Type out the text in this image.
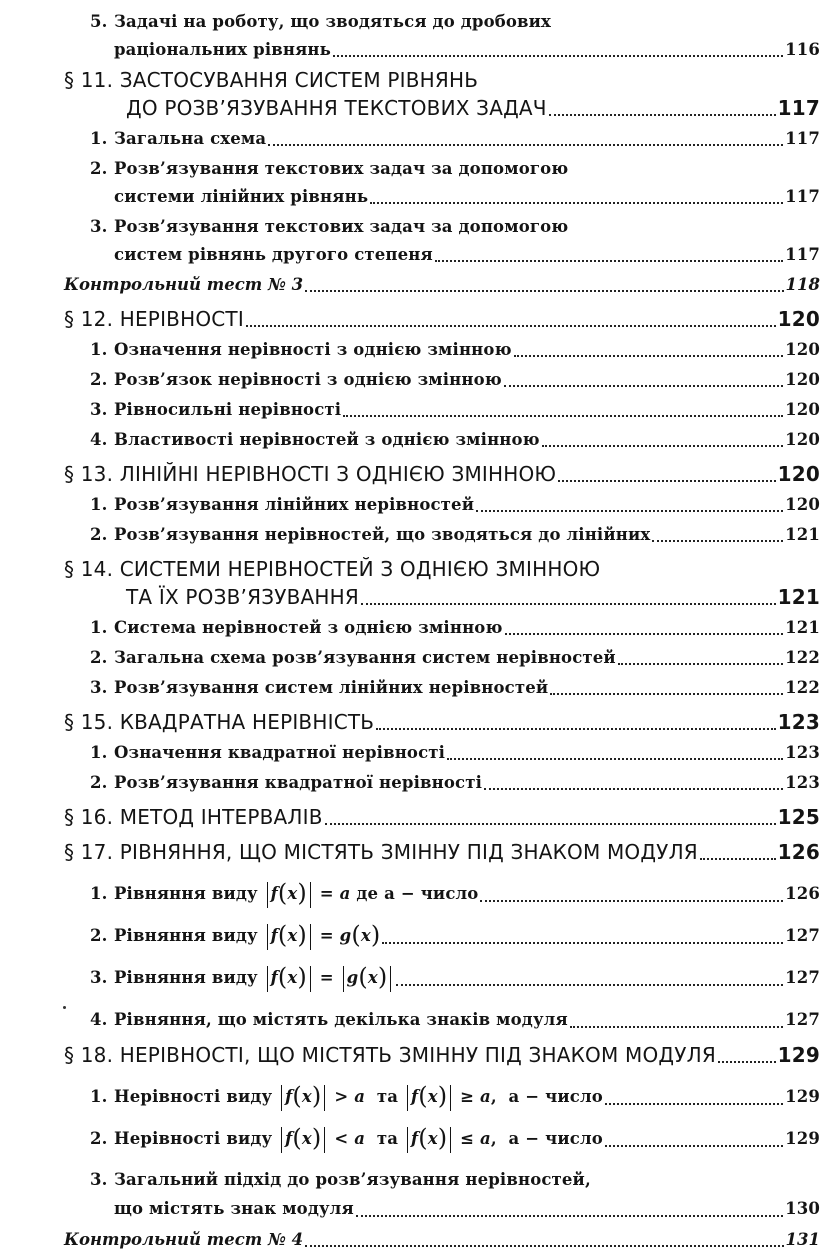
5. Задачі на роботу, що зводяться до дробових
раціональних рівнянь	116
§ 11. ЗАСТОСУВАННЯ СИСТЕМ РІВНЯНЬ
ДО РОЗВ’ЯЗУВАННЯ ТЕКСТОВИХ ЗАДАЧ	117
1. Загальна схема	117
2. Розв’язування текстових задач за допомогою
системи лінійних рівнянь	117
3. Розв’язування текстових задач за допомогою
систем рівнянь другого степеня	117
Контрольний тест № 3	118
§ 12. НЕРІВНОСТІ	120
1. Означення нерівності з однією змінною	120
2. Розв’язок нерівності з однією змінною	120
3. Рівносильні нерівності	120
4. Властивості нерівностей з однією змінною	120
§ 13. ЛІНІЙНІ НЕРІВНОСТІ З ОДНІЄЮ ЗМІННОЮ	120
1. Розв’язування лінійних нерівностей	120
2. Розв’язування нерівностей, що зводяться до лінійних	121
§ 14. СИСТЕМИ НЕРІВНОСТЕЙ З ОДНІЄЮ ЗМІННОЮ
ТА ЇХ РОЗВ’ЯЗУВАННЯ	121
1. Система нерівностей з однією змінною	121
2. Загальна схема розв’язування систем нерівностей	122
3. Розв’язування систем лінійних нерівностей	122
§ 15. КВАДРАТНА НЕРІВНІСТЬ	123
1. Означення квадратної нерівності	123
2. Розв’язування квадратної нерівності	123
§ 16. МЕТОД ІНТЕРВАЛІВ	125
§ 17. РІВНЯННЯ, ЩО МІСТЯТЬ ЗМІННУ ПІД ЗНАКОМ МОДУЛЯ	126
1. Рівняння виду f(x) = a де a − число	126
2. Рівняння виду f(x) = g(x)	127
3. Рівняння виду f(x) = g(x)	127
4. Рівняння, що містять декілька знаків модуля	127
§ 18. НЕРІВНОСТІ, ЩО МІСТЯТЬ ЗМІННУ ПІД ЗНАКОМ МОДУЛЯ	129
1. Нерівності виду f(x) > a  та f(x) ≥ a,  a − число	129
2. Нерівності виду f(x) < a  та f(x) ≤ a,  a − число	129
3. Загальний підхід до розв’язування нерівностей,
що містять знак модуля	130
Контрольний тест № 4	131
